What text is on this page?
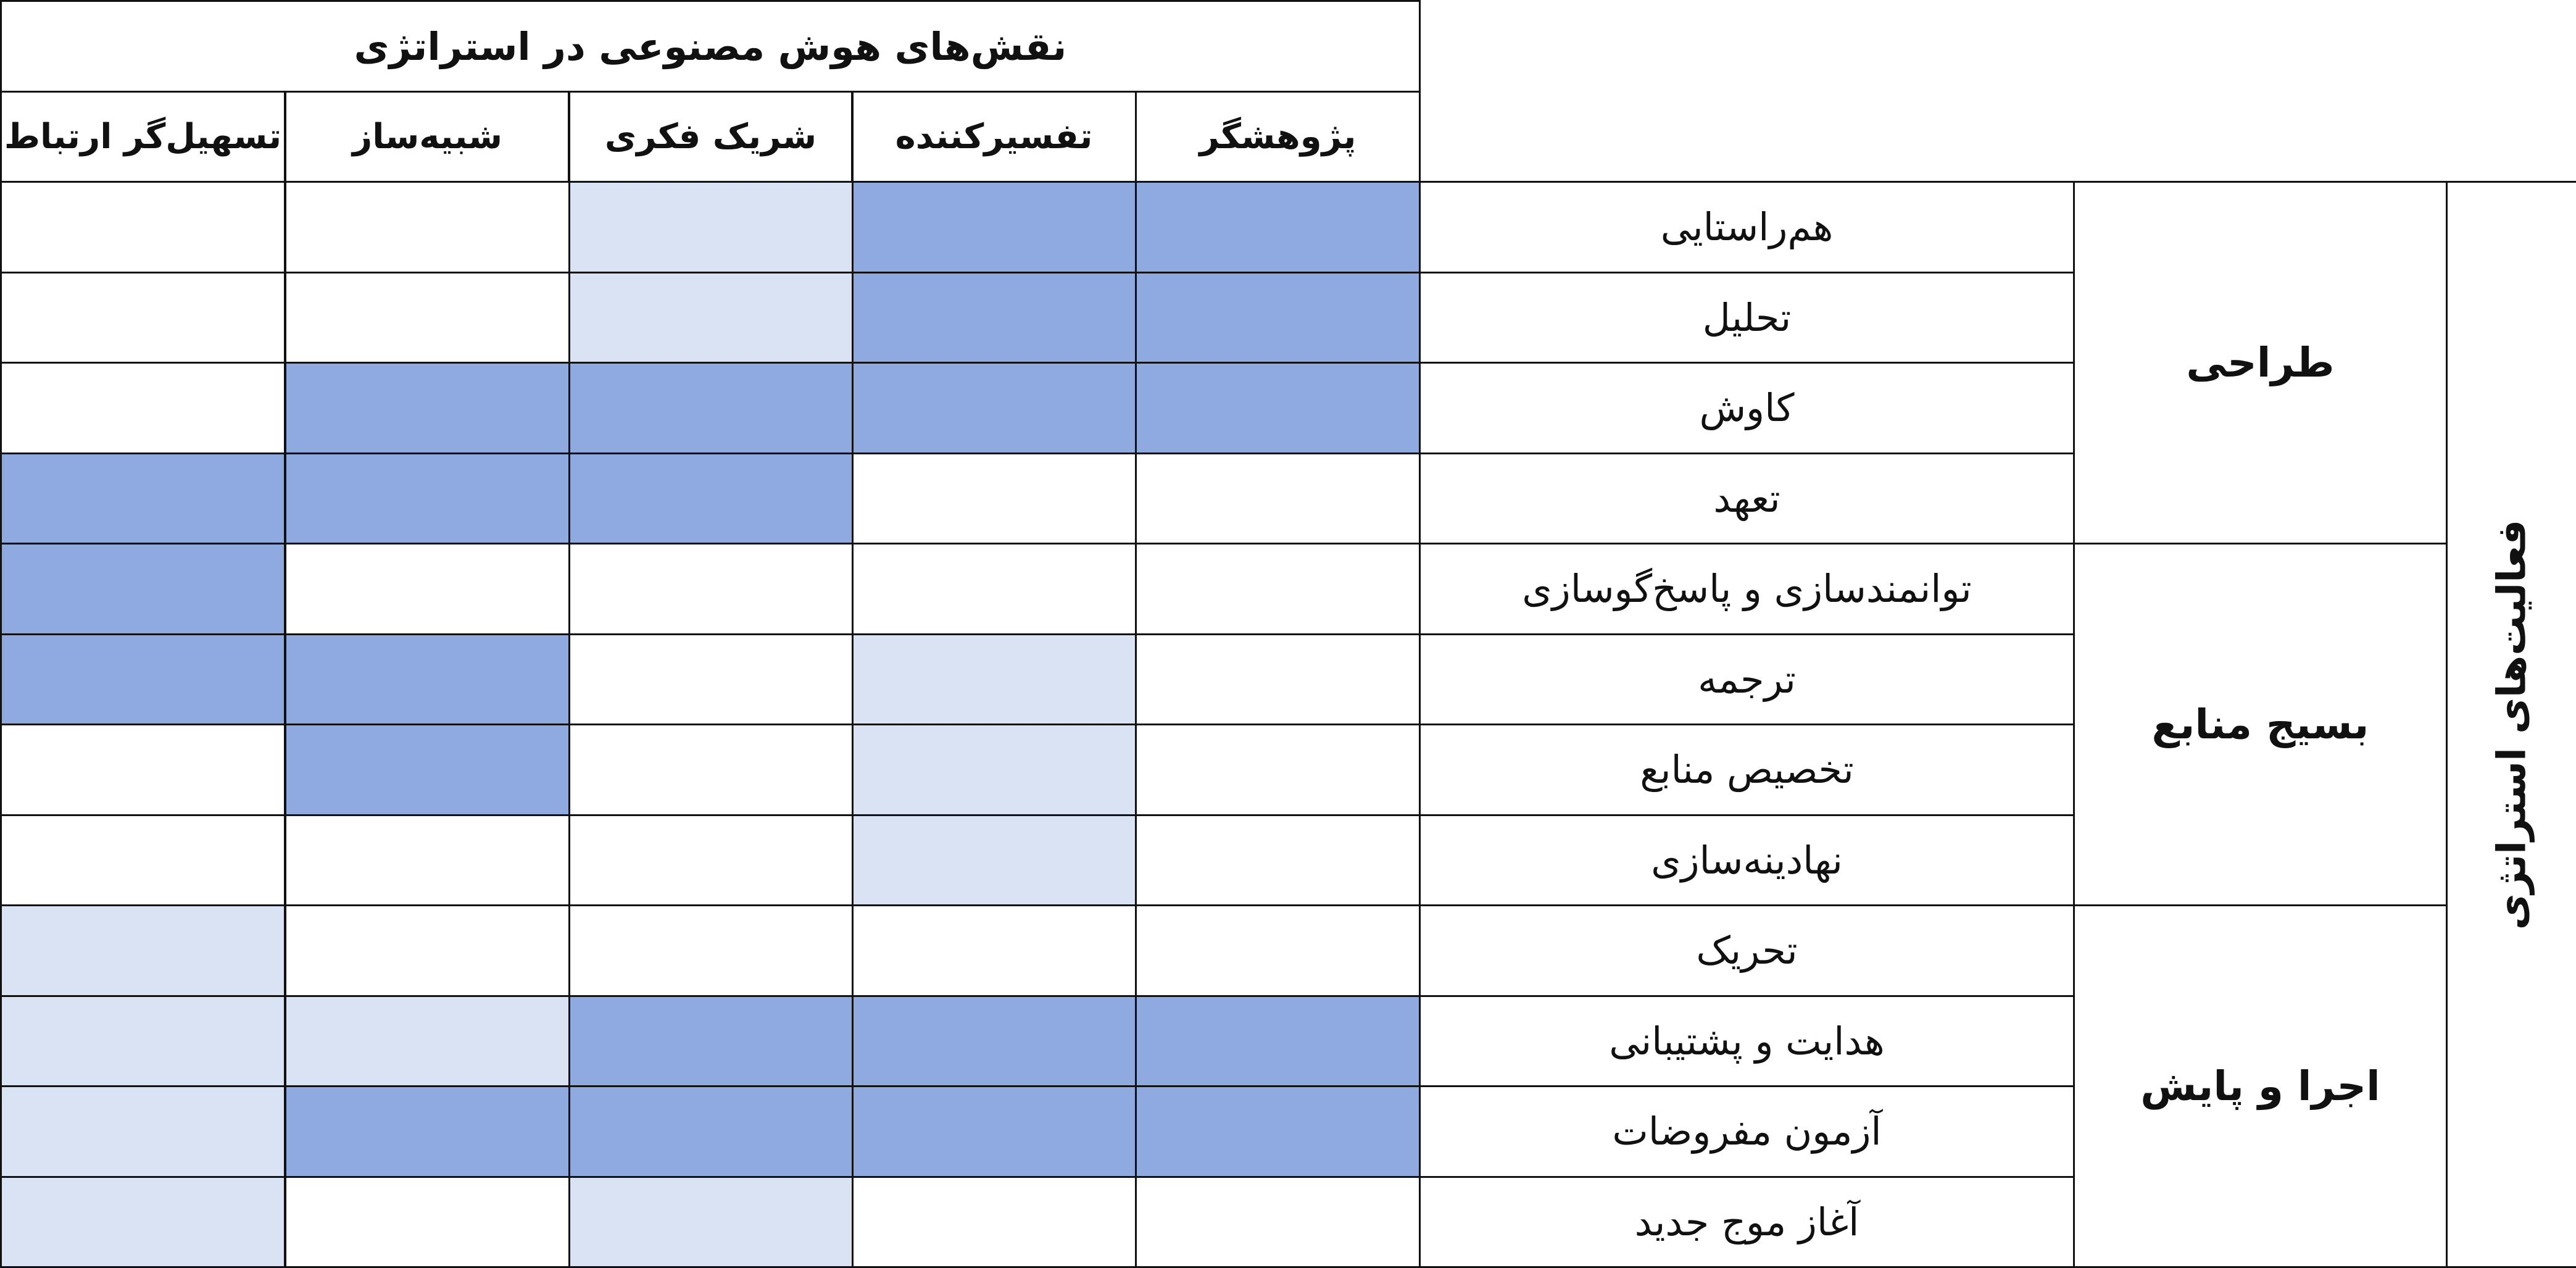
نقش‌های هوش مصنوعی در استراتژی
فعالیت‌های استراتژی
پژوهشگر
تفسیرکننده
شریک فکری
شبیه‌ساز
تسهیل‌گر ارتباط
طراحی
هم‌راستایی
تحلیل
کاوش
تعهد
بسیج منابع
توانمندسازی و پاسخ‌گوسازی
ترجمه
تخصیص منابع
نهادینه‌سازی
اجرا و پایش
تحریک
هدایت و پشتیبانی
آزمون مفروضات
آغاز موج جدید
